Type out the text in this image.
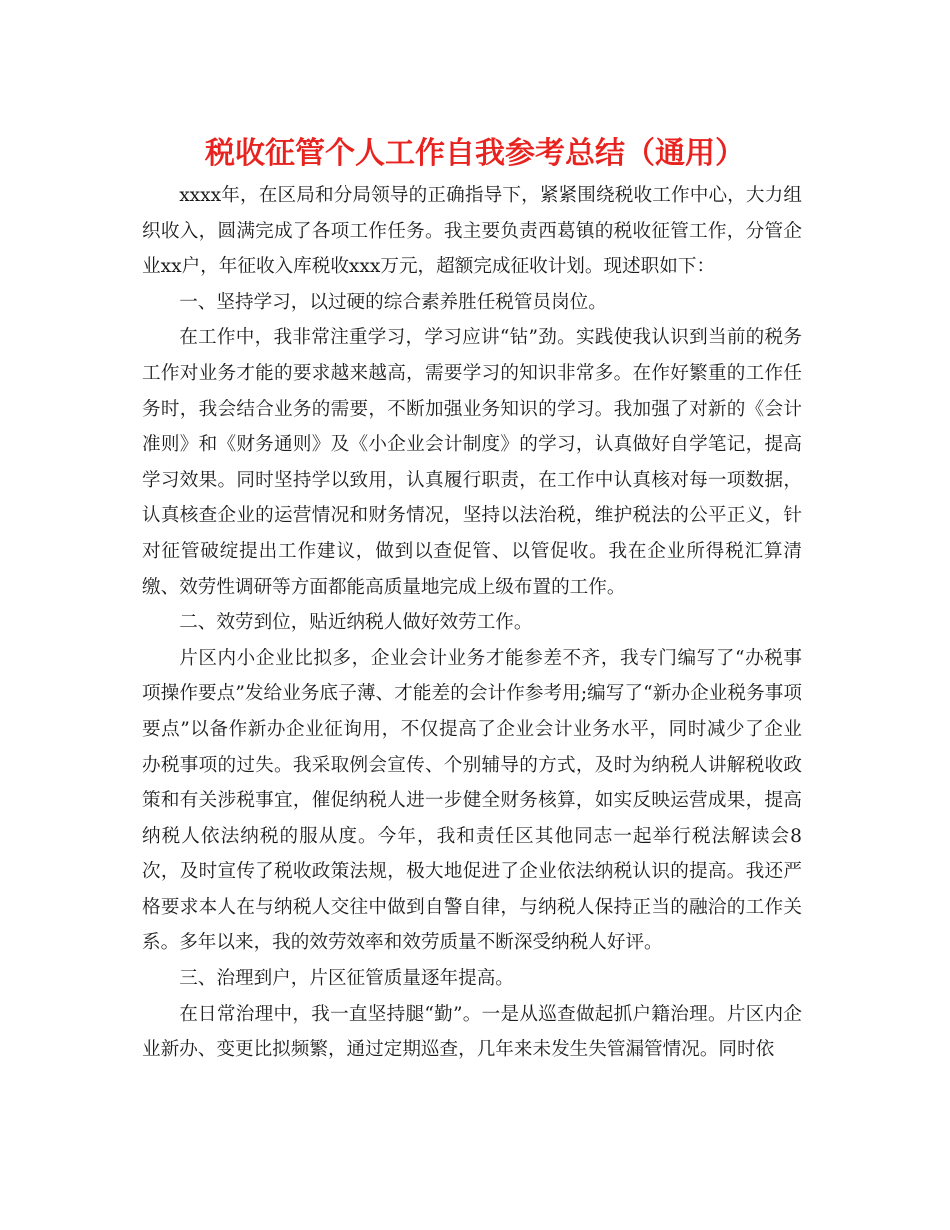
税收征管个人工作自我参考总结（通用）

xxxx年，在区局和分局领导的正确指导下，紧紧围绕税收工作中心，大力组织收入，圆满完成了各项工作任务。我主要负责西葛镇的税收征管工作，分管企业xx户，年征收入库税收xxx万元，超额完成征收计划。现述职如下：

一、坚持学习，以过硬的综合素养胜任税管员岗位。

在工作中，我非常注重学习，学习应讲“钻”劲。实践使我认识到当前的税务工作对业务才能的要求越来越高，需要学习的知识非常多。在作好繁重的工作任务时，我会结合业务的需要，不断加强业务知识的学习。我加强了对新的《会计准则》和《财务通则》及《小企业会计制度》的学习，认真做好自学笔记，提高学习效果。同时坚持学以致用，认真履行职责，在工作中认真核对每一项数据，认真核查企业的运营情况和财务情况，坚持以法治税，维护税法的公平正义，针对征管破绽提出工作建议，做到以查促管、以管促收。我在企业所得税汇算清缴、效劳性调研等方面都能高质量地完成上级布置的工作。

二、效劳到位，贴近纳税人做好效劳工作。

片区内小企业比拟多，企业会计业务才能参差不齐，我专门编写了“办税事项操作要点”发给业务底子薄、才能差的会计作参考用;编写了“新办企业税务事项要点”以备作新办企业征询用，不仅提高了企业会计业务水平，同时减少了企业办税事项的过失。我采取例会宣传、个别辅导的方式，及时为纳税人讲解税收政策和有关涉税事宜，催促纳税人进一步健全财务核算，如实反映运营成果，提高纳税人依法纳税的服从度。今年，我和责任区其他同志一起举行税法解读会8次，及时宣传了税收政策法规，极大地促进了企业依法纳税认识的提高。我还严格要求本人在与纳税人交往中做到自警自律，与纳税人保持正当的融洽的工作关系。多年以来，我的效劳效率和效劳质量不断深受纳税人好评。

三、治理到户，片区征管质量逐年提高。

在日常治理中，我一直坚持腿“勤”。一是从巡查做起抓户籍治理。片区内企业新办、变更比拟频繁，通过定期巡查，几年来未发生失管漏管情况。同时依
